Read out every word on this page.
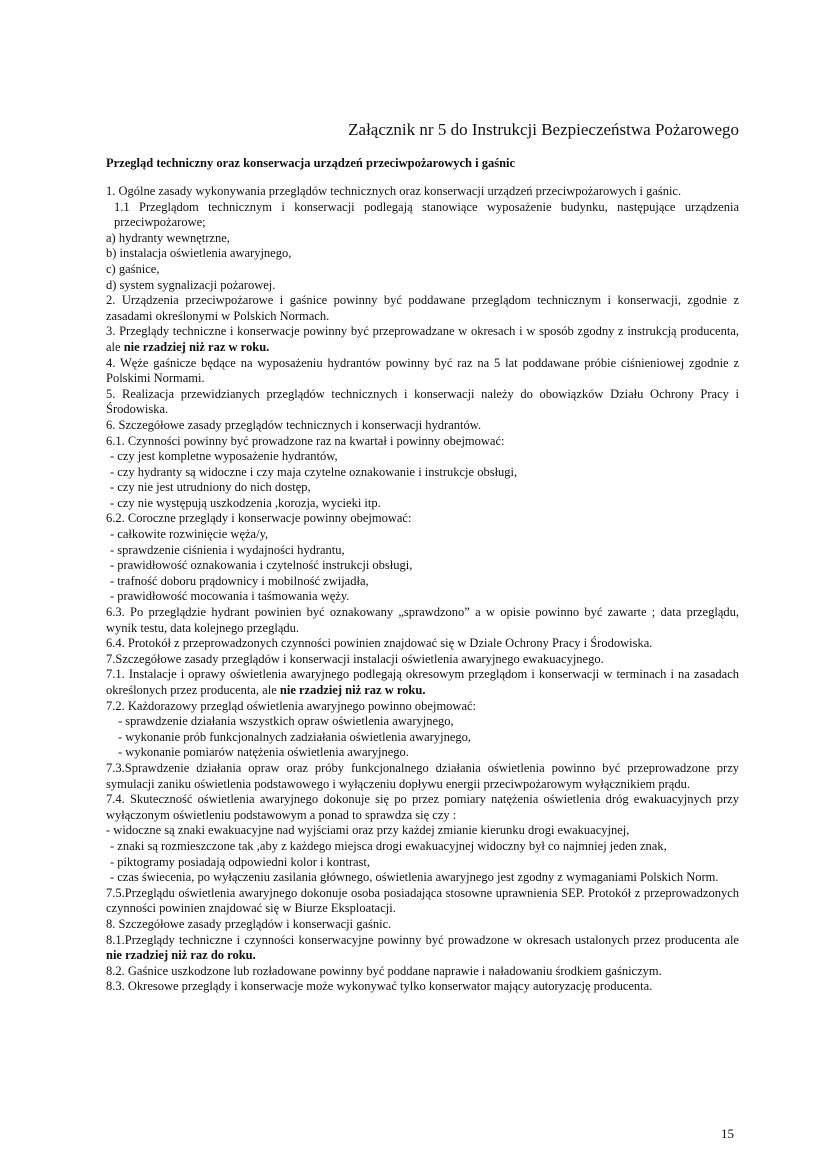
Załącznik nr 5 do Instrukcji Bezpieczeństwa Pożarowego
Przegląd techniczny oraz konserwacja urządzeń przeciwpożarowych i gaśnic

1. Ogólne zasady wykonywania przeglądów technicznych oraz konserwacji urządzeń przeciwpożarowych i gaśnic.

1.1 Przeglądom technicznym i konserwacji podlegają stanowiące wyposażenie budynku, następujące urządzenia przeciwpożarowe;

a) hydranty wewnętrzne,

b) instalacja oświetlenia awaryjnego,

c) gaśnice,

d) system sygnalizacji pożarowej.

2. Urządzenia przeciwpożarowe i gaśnice powinny być poddawane przeglądom technicznym i konserwacji, zgodnie z zasadami określonymi w Polskich Normach.

3. Przeglądy techniczne i konserwacje powinny być przeprowadzane w okresach i w sposób zgodny z instrukcją producenta, ale nie rzadziej niż raz w roku.

4. Węże gaśnicze będące na wyposażeniu hydrantów powinny być raz na 5 lat poddawane próbie ciśnieniowej zgodnie z Polskimi Normami.

5. Realizacja przewidzianych przeglądów technicznych i konserwacji należy do obowiązków Działu Ochrony Pracy i Środowiska.

6. Szczegółowe zasady przeglądów technicznych i konserwacji hydrantów.

6.1. Czynności powinny być prowadzone raz na kwartał i powinny obejmować:

- czy jest kompletne wyposażenie hydrantów,

- czy hydranty są widoczne i czy maja czytelne oznakowanie i instrukcje obsługi,

- czy nie jest utrudniony do nich dostęp,

- czy nie występują uszkodzenia ,korozja, wycieki itp.

6.2. Coroczne przeglądy i konserwacje powinny obejmować:

- całkowite rozwinięcie węża/y,

- sprawdzenie ciśnienia i wydajności hydrantu,

- prawidłowość oznakowania i czytelność instrukcji obsługi,

- trafność doboru prądownicy i mobilność zwijadła,

- prawidłowość mocowania i taśmowania węży.

6.3. Po przeglądzie hydrant powinien być oznakowany „sprawdzono” a w opisie powinno być zawarte ; data przeglądu, wynik testu, data kolejnego przeglądu.

6.4. Protokół z przeprowadzonych czynności powinien znajdować się w Dziale Ochrony Pracy i Środowiska.

7.Szczegółowe zasady przeglądów i konserwacji instalacji oświetlenia awaryjnego ewakuacyjnego.

7.1. Instalacje i oprawy oświetlenia awaryjnego podlegają okresowym przeglądom i konserwacji w terminach i na zasadach określonych przez producenta, ale nie rzadziej niż raz w roku.

7.2. Każdorazowy przegląd oświetlenia awaryjnego powinno obejmować:

- sprawdzenie działania wszystkich opraw oświetlenia awaryjnego,

- wykonanie prób funkcjonalnych zadziałania oświetlenia awaryjnego,

- wykonanie pomiarów natężenia oświetlenia awaryjnego.

7.3.Sprawdzenie działania opraw oraz próby funkcjonalnego działania oświetlenia powinno być przeprowadzone przy symulacji zaniku oświetlenia podstawowego i wyłączeniu dopływu energii przeciwpożarowym wyłącznikiem prądu.

7.4. Skuteczność oświetlenia awaryjnego dokonuje się po przez pomiary natężenia oświetlenia dróg ewakuacyjnych przy wyłączonym oświetleniu podstawowym a ponad to sprawdza się czy :

- widoczne są znaki ewakuacyjne nad wyjściami oraz przy każdej zmianie kierunku drogi ewakuacyjnej,

- znaki są rozmieszczone tak ,aby z każdego miejsca drogi ewakuacyjnej widoczny był co najmniej jeden znak,

- piktogramy posiadają odpowiedni kolor i kontrast,

- czas świecenia, po wyłączeniu zasilania głównego, oświetlenia awaryjnego jest zgodny z wymaganiami Polskich Norm.

7.5.Przeglądu oświetlenia awaryjnego dokonuje osoba posiadająca stosowne uprawnienia SEP. Protokół z przeprowadzonych czynności powinien znajdować się w Biurze Eksploatacji.

8. Szczegółowe zasady przeglądów i konserwacji gaśnic.

8.1.Przeglądy techniczne i czynności konserwacyjne powinny być prowadzone w okresach ustalonych przez producenta ale nie rzadziej niż raz do roku.

8.2. Gaśnice uszkodzone lub rozładowane powinny być poddane naprawie i naładowaniu środkiem gaśniczym.

8.3. Okresowe przeglądy i konserwacje może wykonywać tylko konserwator mający autoryzację producenta.

15
